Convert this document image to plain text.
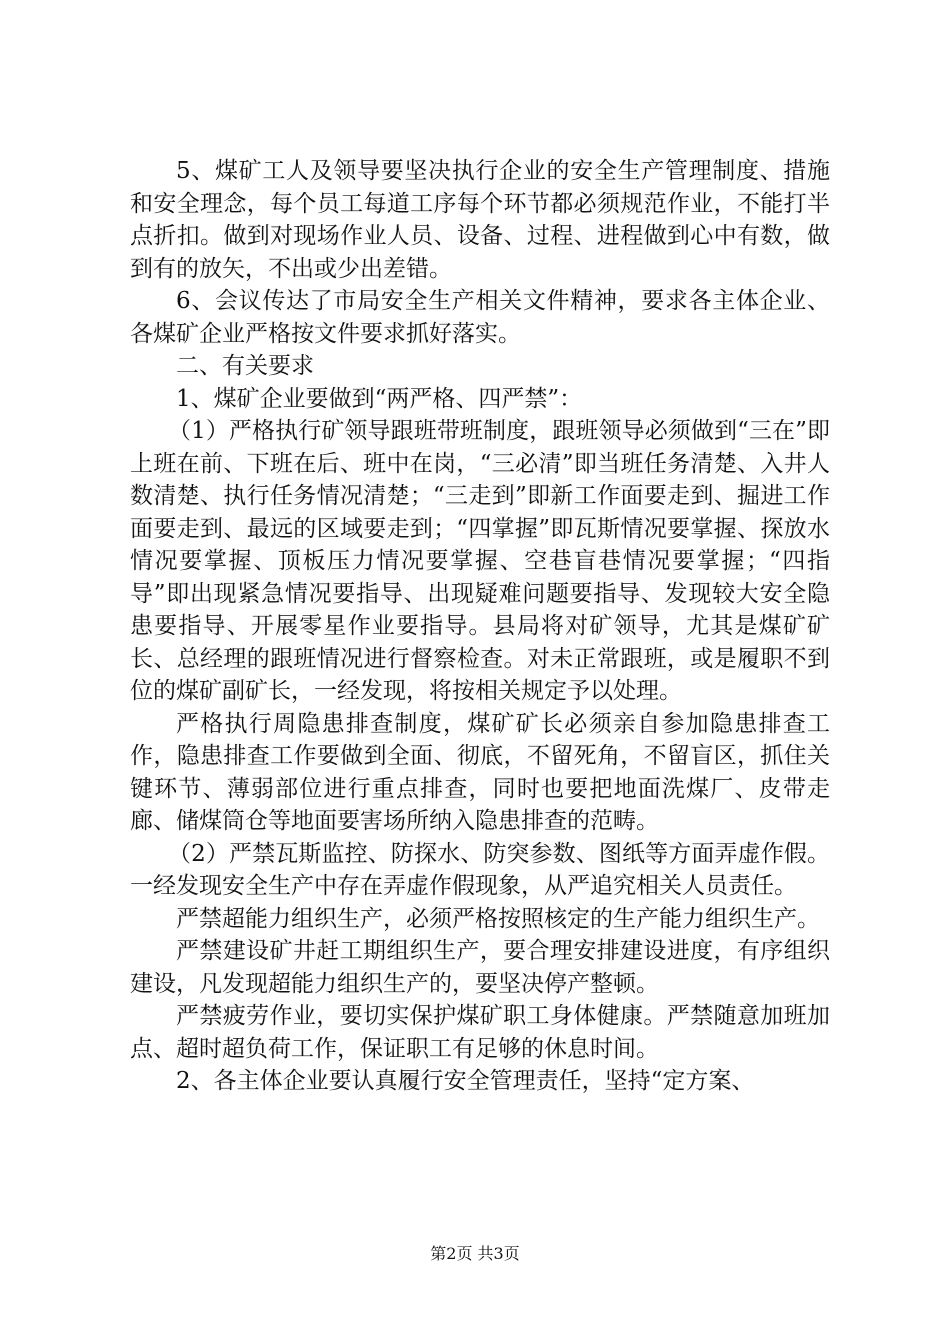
5、煤矿工人及领导要坚决执行企业的安全生产管理制度、措施和安全理念，每个员工每道工序每个环节都必须规范作业，不能打半点折扣。做到对现场作业人员、设备、过程、进程做到心中有数，做到有的放矢，不出或少出差错。

6、会议传达了市局安全生产相关文件精神，要求各主体企业、各煤矿企业严格按文件要求抓好落实。

二、有关要求

1、煤矿企业要做到“两严格、四严禁”：

（1）严格执行矿领导跟班带班制度，跟班领导必须做到“三在”即上班在前、下班在后、班中在岗，“三必清”即当班任务清楚、入井人数清楚、执行任务情况清楚；“三走到”即新工作面要走到、掘进工作面要走到、最远的区域要走到；“四掌握”即瓦斯情况要掌握、探放水情况要掌握、顶板压力情况要掌握、空巷盲巷情况要掌握；“四指导”即出现紧急情况要指导、出现疑难问题要指导、发现较大安全隐患要指导、开展零星作业要指导。县局将对矿领导，尤其是煤矿矿长、总经理的跟班情况进行督察检查。对未正常跟班，或是履职不到位的煤矿副矿长，一经发现，将按相关规定予以处理。

严格执行周隐患排查制度，煤矿矿长必须亲自参加隐患排查工作，隐患排查工作要做到全面、彻底，不留死角，不留盲区，抓住关键环节、薄弱部位进行重点排查，同时也要把地面洗煤厂、皮带走廊、储煤筒仓等地面要害场所纳入隐患排查的范畴。

（2）严禁瓦斯监控、防探水、防突参数、图纸等方面弄虚作假。一经发现安全生产中存在弄虚作假现象，从严追究相关人员责任。

严禁超能力组织生产，必须严格按照核定的生产能力组织生产。

严禁建设矿井赶工期组织生产，要合理安排建设进度，有序组织建设，凡发现超能力组织生产的，要坚决停产整顿。

严禁疲劳作业，要切实保护煤矿职工身体健康。严禁随意加班加点、超时超负荷工作，保证职工有足够的休息时间。

2、各主体企业要认真履行安全管理责任，坚持“定方案、

第2页 共3页
